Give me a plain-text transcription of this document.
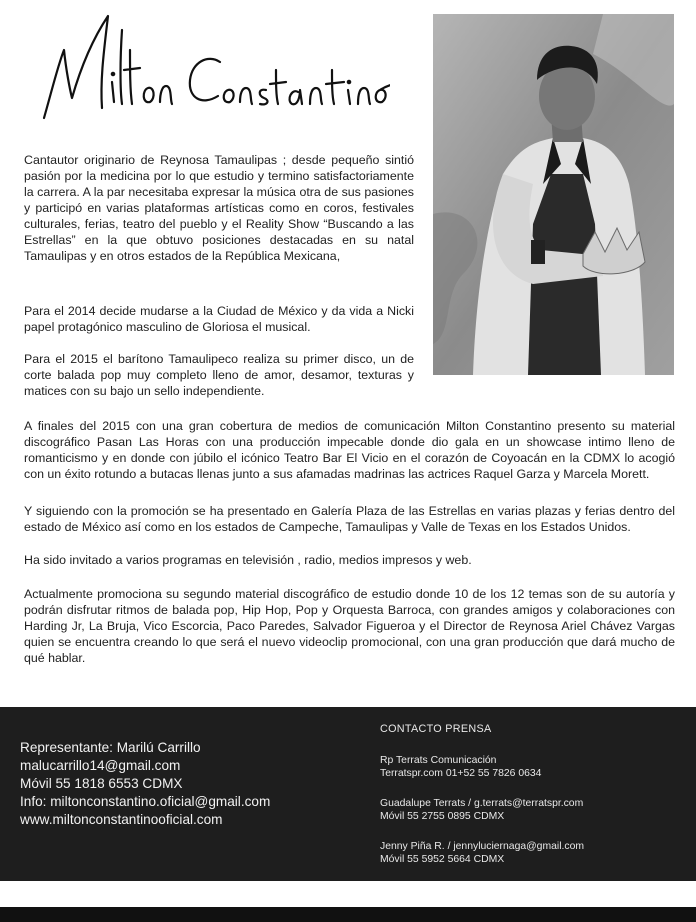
Cantautor originario de Reynosa Tamaulipas ; desde pequeño sintió pasión por la medicina por lo que estudio y termino satisfactoriamente la carrera. A la par necesitaba expresar la música otra de sus pasiones y participó en varias plataformas artísticas como en coros, festivales culturales, ferias, teatro del pueblo y el Reality Show “Buscando a las Estrellas” en la que obtuvo posiciones destacadas en su natal Tamaulipas y en otros estados de la República Mexicana,

Para el 2014 decide mudarse a la Ciudad de México y da vida a Nicki papel protagónico masculino de Gloriosa el musical.

Para el 2015 el barítono Tamaulipeco realiza su primer disco, un de corte balada pop muy completo lleno de amor, desamor, texturas y matices con su bajo un sello independiente.

A finales del 2015 con una gran cobertura de medios de comunicación Milton Constantino presento su material discográfico Pasan Las Horas con una producción impecable donde dio gala en un showcase intimo lleno de romanticismo y en donde con júbilo el icónico Teatro Bar El Vicio en el corazón de Coyoacán en la CDMX lo acogió con un éxito rotundo a butacas llenas junto a sus afamadas madrinas las actrices Raquel Garza y Marcela Morett.

Y siguiendo con la promoción se ha presentado en Galería Plaza de las Estrellas en varias plazas y ferias dentro del estado de México así como en los estados de Campeche, Tamaulipas y Valle de Texas en los Estados Unidos.

Ha sido invitado a varios programas en televisión , radio, medios impresos y web.

Actualmente promociona su segundo material discográfico de estudio donde 10 de los 12 temas son de su autoría y podrán disfrutar ritmos de balada pop, Hip Hop, Pop y Orquesta Barroca, con grandes amigos y colaboraciones con Harding Jr, La Bruja, Vico Escorcia, Paco Paredes, Salvador Figueroa y el Director de Reynosa Ariel Chávez Vargas quien se encuentra creando lo que será el nuevo videoclip promocional, con una gran producción que dará mucho de qué hablar.

Representante: Marilú Carrillo
malucarrillo14@gmail.com
Móvil 55 1818 6553 CDMX
Info: miltonconstantino.oficial@gmail.com
www.miltonconstantinooficial.com
CONTACTO PRENSA
Rp Terrats Comunicación
Terratspr.com 01+52 55 7826 0634
Guadalupe Terrats / g.terrats@terratspr.com
Móvil 55 2755 0895 CDMX
Jenny Piña R. / jennyluciernaga@gmail.com
Móvil 55 5952 5664 CDMX
